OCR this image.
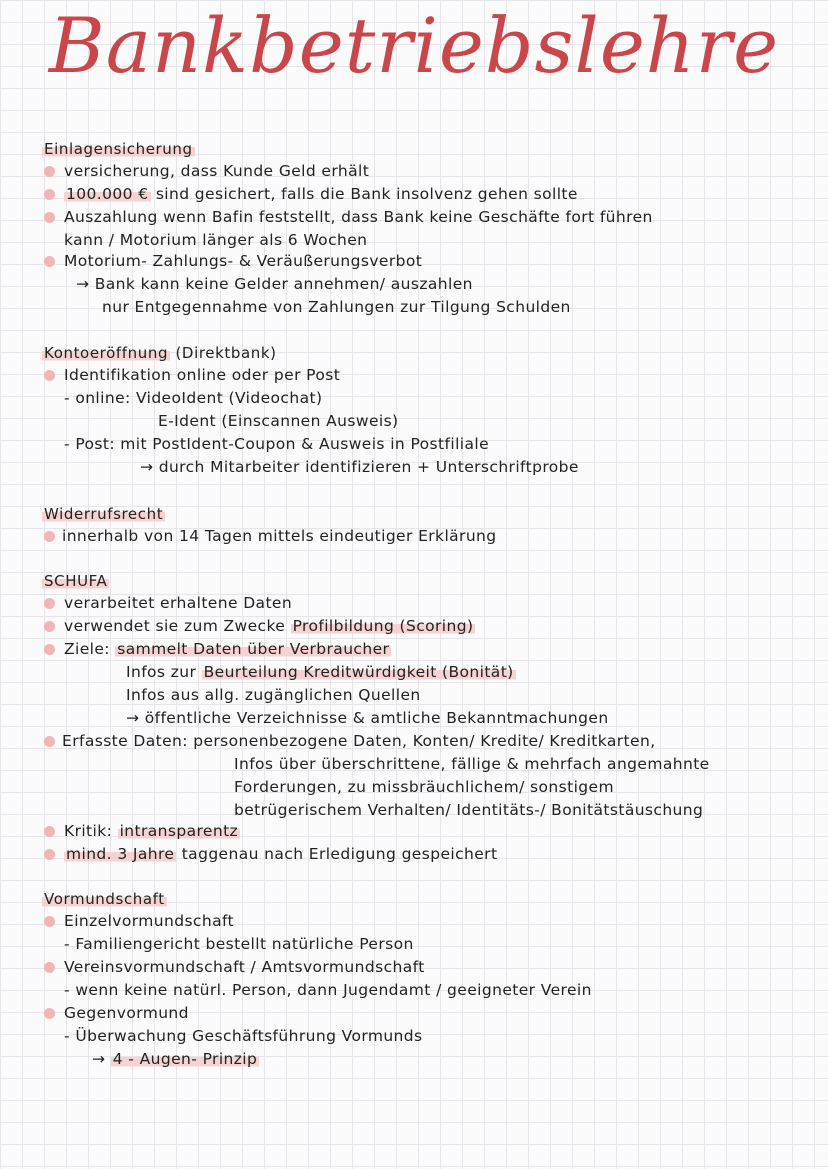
Bankbetriebslehre
Einlagensicherung
versicherung, dass Kunde Geld erhält
100.000 € sind gesichert, falls die Bank insolvenz gehen sollte
Auszahlung wenn Bafin feststellt, dass Bank keine Geschäfte fort führen
kann / Motorium länger als 6 Wochen
Motorium- Zahlungs- & Veräußerungsverbot
→ Bank kann keine Gelder annehmen/ auszahlen
nur Entgegennahme von Zahlungen zur Tilgung Schulden
Kontoeröffnung (Direktbank)
Identifikation online oder per Post
- online: VideoIdent (Videochat)
E-Ident (Einscannen Ausweis)
- Post: mit PostIdent-Coupon & Ausweis in Postfiliale
→ durch Mitarbeiter identifizieren + Unterschriftprobe
Widerrufsrecht
innerhalb von 14 Tagen mittels eindeutiger Erklärung
SCHUFA
verarbeitet erhaltene Daten
verwendet sie zum Zwecke Profilbildung (Scoring)
Ziele: sammelt Daten über Verbraucher
Infos zur Beurteilung Kreditwürdigkeit (Bonität)
Infos aus allg. zugänglichen Quellen
→ öffentliche Verzeichnisse & amtliche Bekanntmachungen
Erfasste Daten: personenbezogene Daten, Konten/ Kredite/ Kreditkarten,
Infos über überschrittene, fällige & mehrfach angemahnte
Forderungen, zu missbräuchlichem/ sonstigem
betrügerischem Verhalten/ Identitäts-/ Bonitätstäuschung
Kritik: intransparentz
mind. 3 Jahre taggenau nach Erledigung gespeichert
Vormundschaft
Einzelvormundschaft
- Familiengericht bestellt natürliche Person
Vereinsvormundschaft / Amtsvormundschaft
- wenn keine natürl. Person, dann Jugendamt / geeigneter Verein
Gegenvormund
- Überwachung Geschäftsführung Vormunds
→ 4 - Augen- Prinzip
